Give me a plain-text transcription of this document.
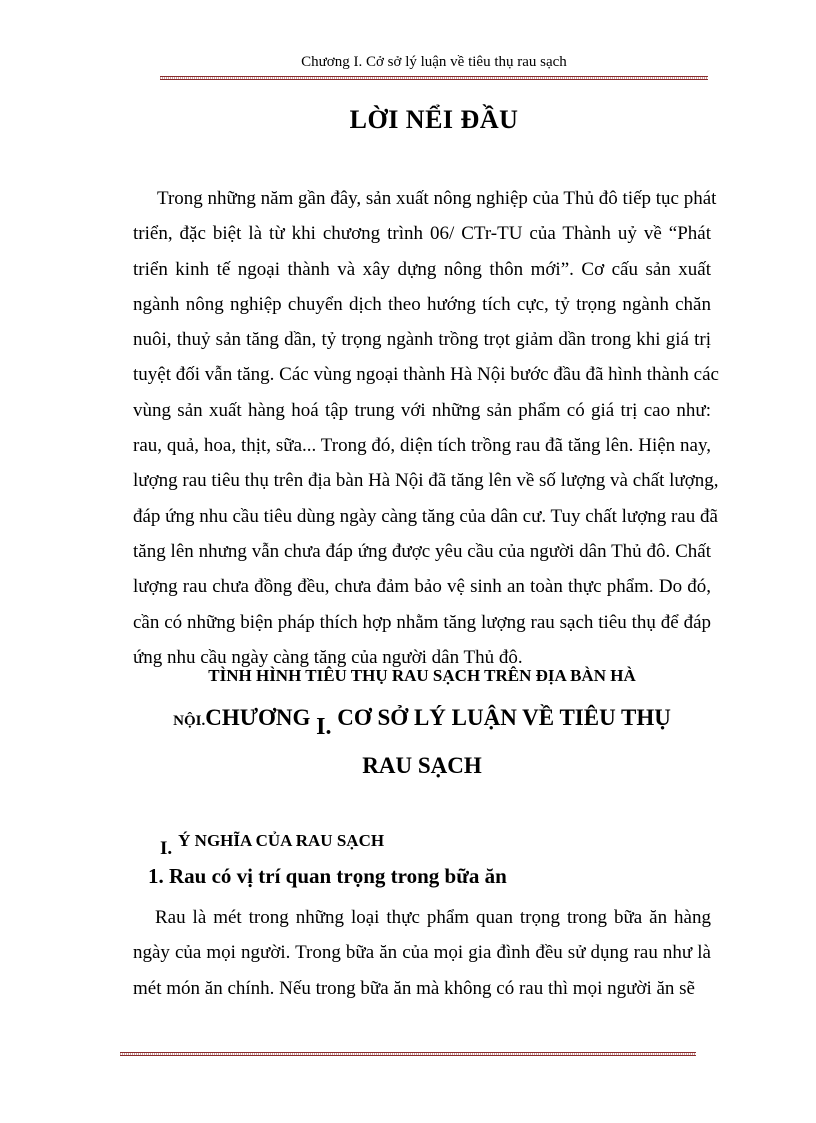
Chương I. Cở sở lý luận về tiêu thụ rau sạch
LỜI NỂI ĐẦU
Trong những năm gần đây, sản xuất nông nghiệp của Thủ đô tiếp tục phát
triển, đặc biệt là từ khi chương trình 06/ CTr-TU của Thành uỷ về “Phát
triển kinh tế ngoại thành và xây dựng nông thôn mới”. Cơ cấu sản xuất
ngành nông nghiệp chuyển dịch theo hướng tích cực, tỷ trọng ngành chăn
nuôi, thuỷ sản tăng dần, tỷ trọng ngành trồng trọt giảm dần trong khi giá trị
tuyệt đối vẫn tăng. Các vùng ngoại thành Hà Nội bước đầu đã hình thành các
vùng sản xuất hàng hoá tập trung với những sản phẩm có giá trị cao như:
rau, quả, hoa, thịt, sữa... Trong đó, diện tích trồng rau đã tăng lên. Hiện nay,
lượng rau tiêu thụ trên địa bàn Hà Nội đã tăng lên về số lượng và chất lượng,
đáp ứng nhu cầu tiêu dùng ngày càng tăng của dân cư. Tuy chất lượng rau đã
tăng lên nhưng vẫn chưa đáp ứng được yêu cầu của người dân Thủ đô. Chất
lượng rau chưa đồng đều, chưa đảm bảo vệ sinh an toàn thực phẩm. Do đó,
cần có những biện pháp thích hợp nhằm tăng lượng rau sạch tiêu thụ để đáp
ứng nhu cầu ngày càng tăng của người dân Thủ đô.
TÌNH HÌNH TIÊU THỤ RAU SẠCH TRÊN ĐỊA BÀN HÀ
NỘI.CHƯƠNG I. CƠ SỞ LÝ LUẬN VỀ TIÊU THỤ
RAU SẠCH
I. Ý NGHĨA CỦA RAU SẠCH
1. Rau có vị trí quan trọng trong bữa ăn
Rau là mét trong những loại thực phẩm quan trọng trong bữa ăn hàng
ngày của mọi người. Trong bữa ăn của mọi gia đình đều sử dụng rau như là
mét món ăn chính. Nếu trong bữa ăn mà không có rau thì mọi người ăn sẽ
